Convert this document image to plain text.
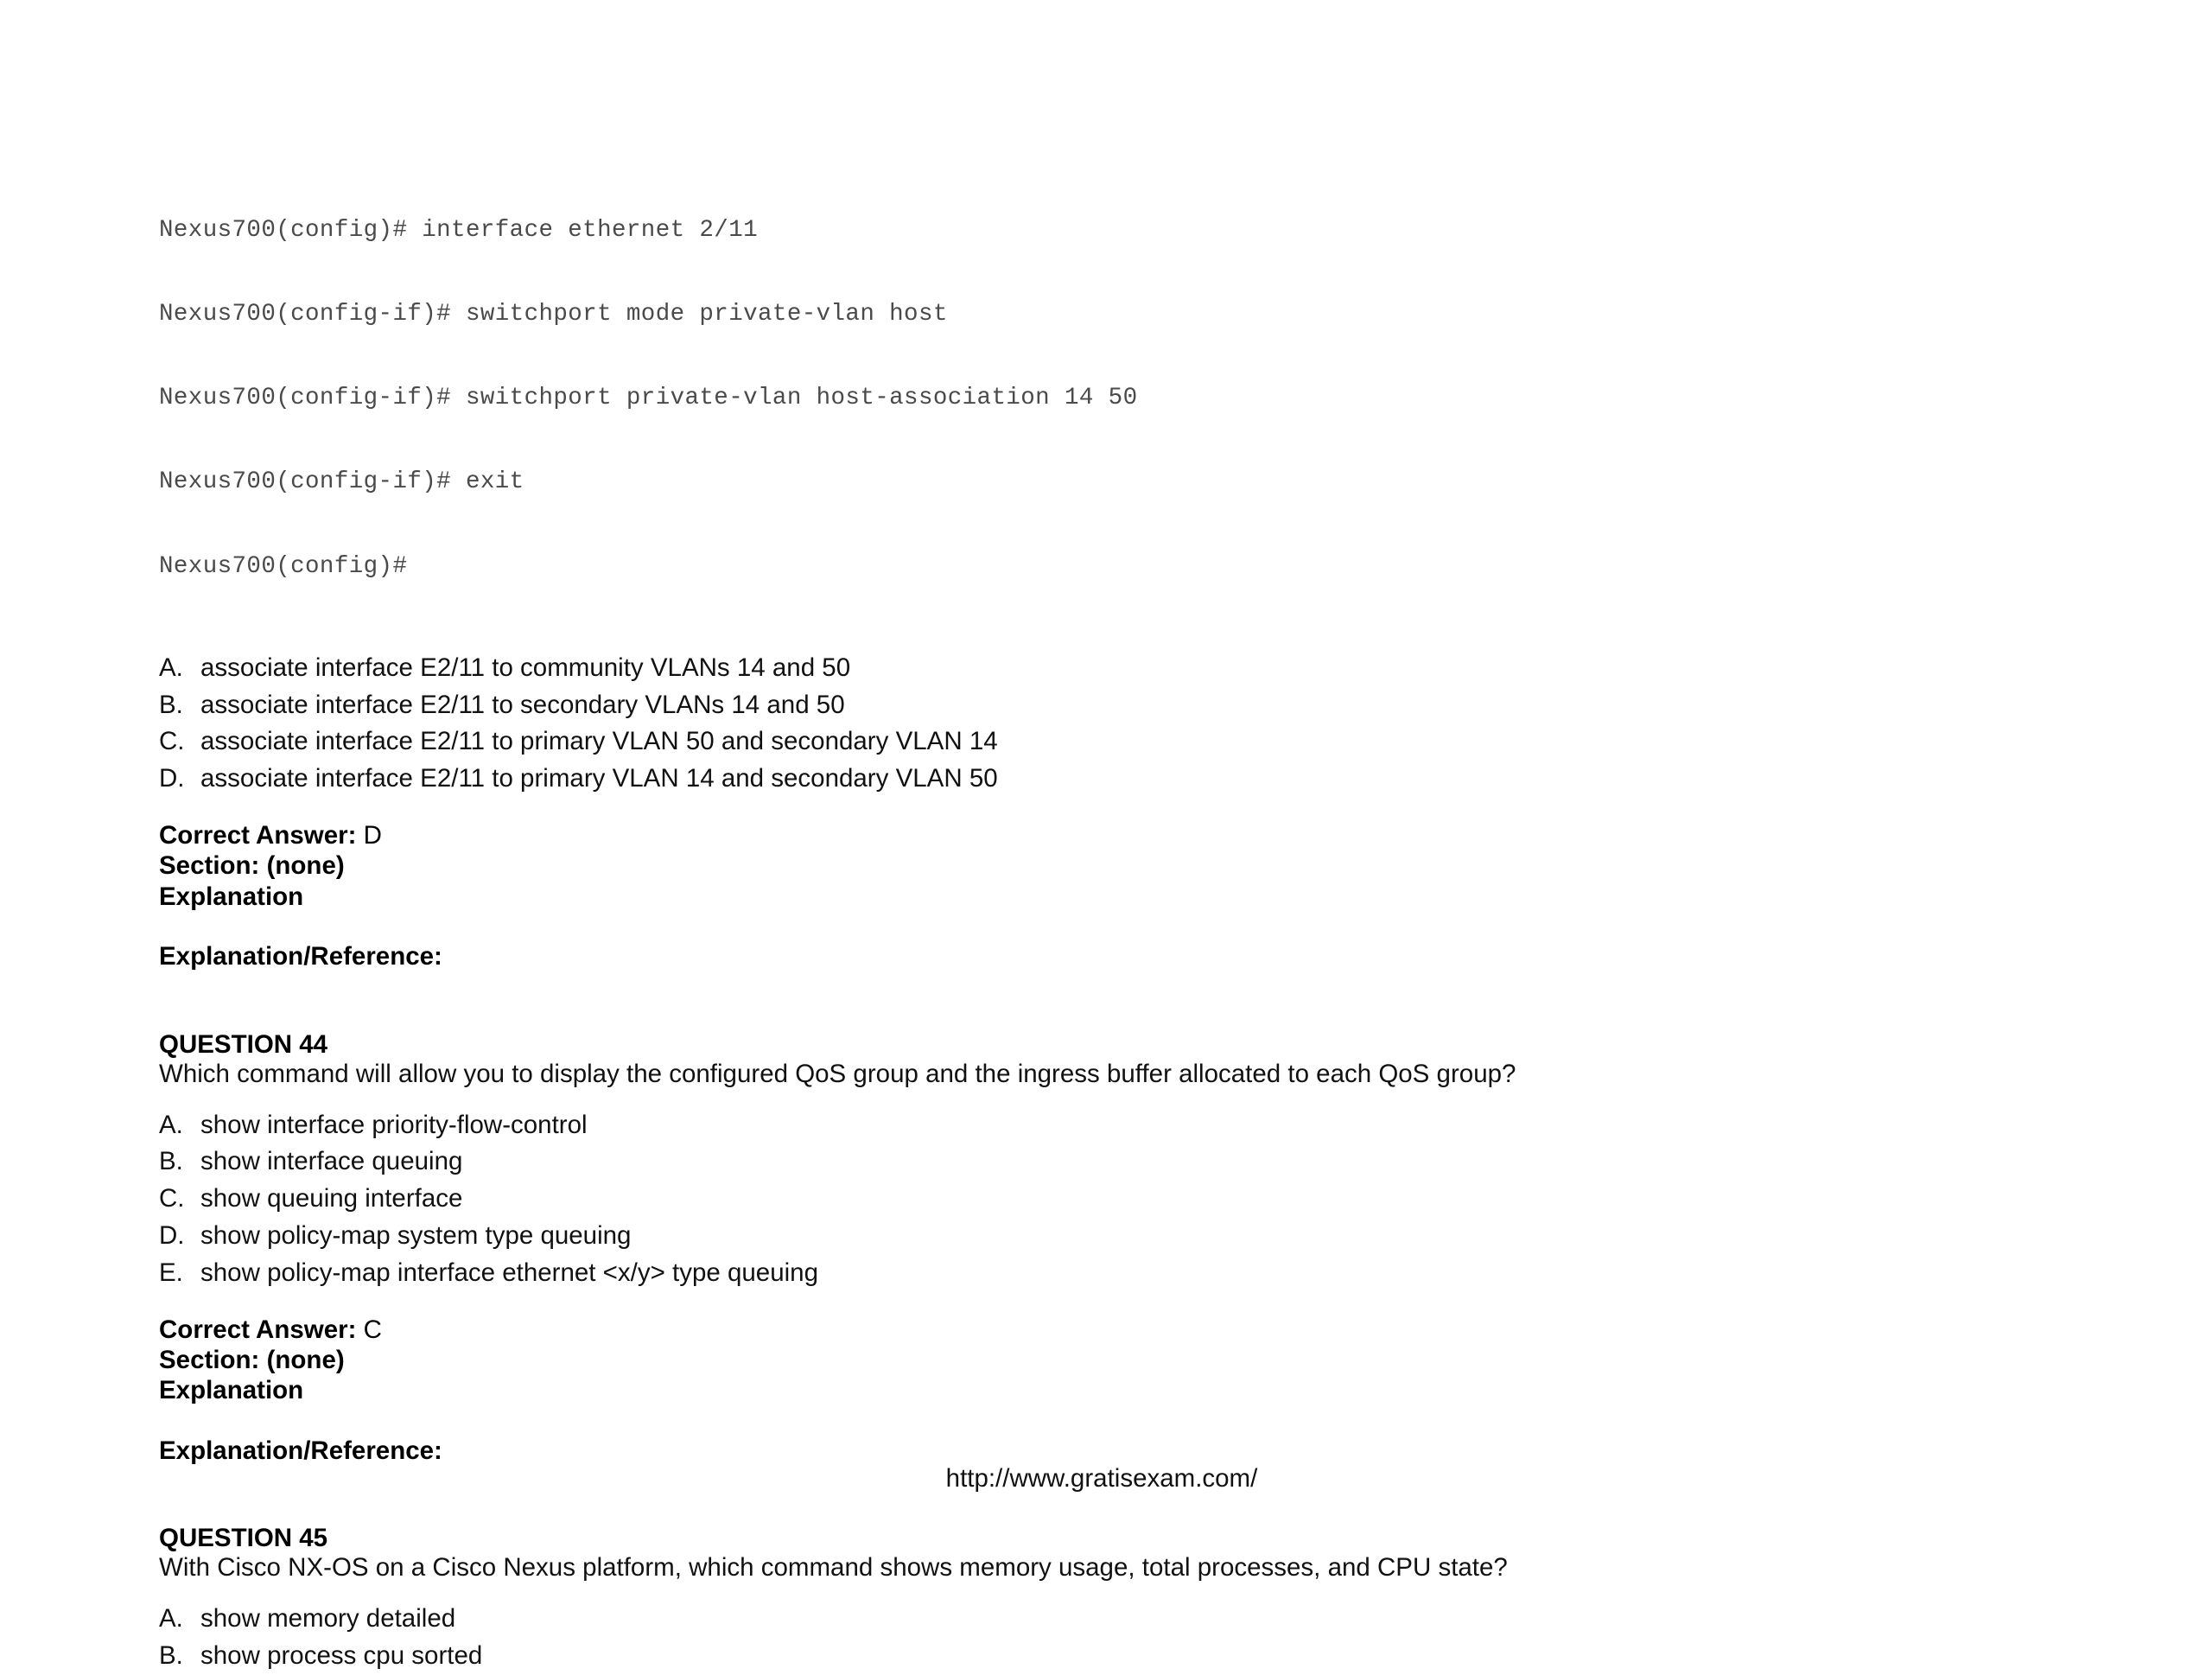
Nexus700(config)# interface ethernet 2/11

Nexus700(config-if)# switchport mode private-vlan host

Nexus700(config-if)# switchport private-vlan host-association 14 50

Nexus700(config-if)# exit

Nexus700(config)#

A. associate interface E2/11 to community VLANs 14 and 50
B. associate interface E2/11 to secondary VLANs 14 and 50
C. associate interface E2/11 to primary VLAN 50 and secondary VLAN 14
D. associate interface E2/11 to primary VLAN 14 and secondary VLAN 50
Correct Answer: D
Section: (none)
Explanation
Explanation/Reference:
QUESTION 44
Which command will allow you to display the configured QoS group and the ingress buffer allocated to each QoS group?
A. show interface priority-flow-control
B. show interface queuing
C. show queuing interface
D. show policy-map system type queuing
E. show policy-map interface ethernet <x/y> type queuing
Correct Answer: C
Section: (none)
Explanation
Explanation/Reference:
QUESTION 45
With Cisco NX-OS on a Cisco Nexus platform, which command shows memory usage, total processes, and CPU state?
A. show memory detailed
B. show process cpu sorted
http://www.gratisexam.com/
